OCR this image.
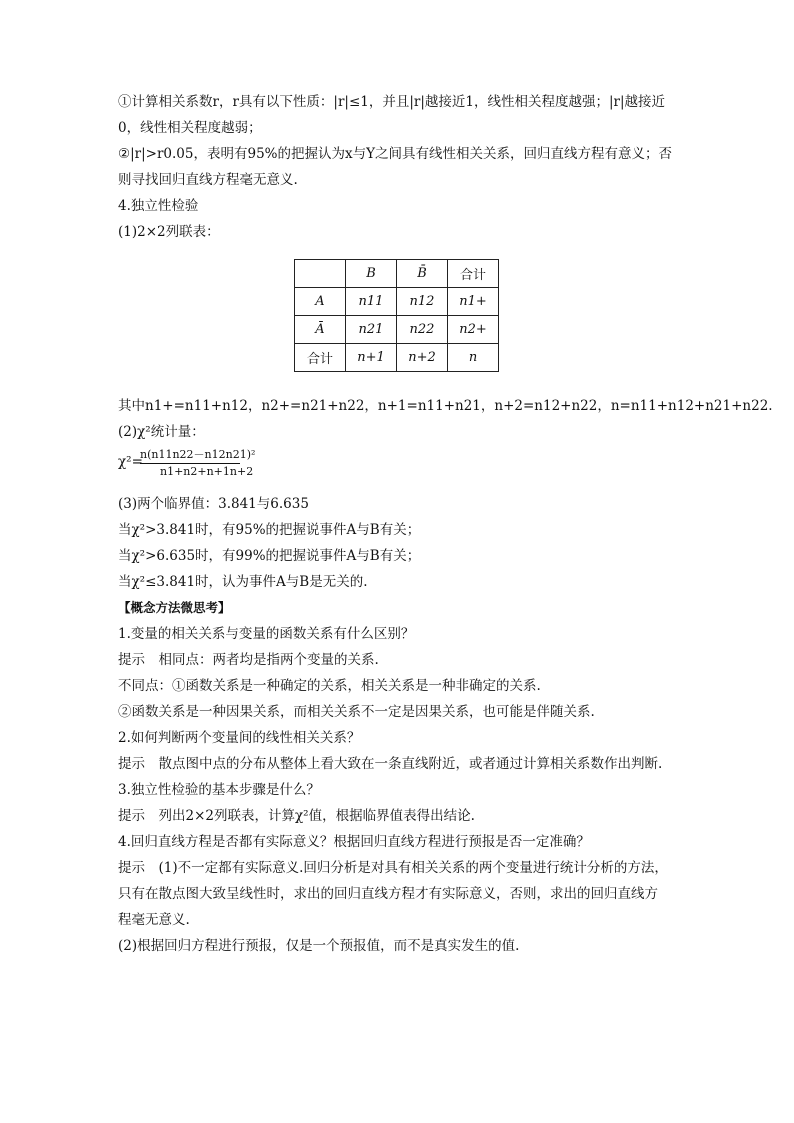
①计算相关系数r，r具有以下性质：|r|≤1，并且|r|越接近1，线性相关程度越强；|r|越接近
0，线性相关程度越弱；
②|r|>r0.05，表明有95%的把握认为x与Y之间具有线性相关关系，回归直线方程有意义；否
则寻找回归直线方程毫无意义.
4.独立性检验
(1)2×2列联表：
	B	B̄	合计
A	n11	n12	n1+
Ā	n21	n22	n2+
合计	n+1	n+2	n
其中n1+=n11+n12，n2+=n21+n22，n+1=n11+n21，n+2=n12+n22，n=n11+n12+n21+n22.
(2)χ²统计量：
χ²=
n(n11n22－n12n21)²
n1+n2+n+1n+2
(3)两个临界值：3.841与6.635
当χ²>3.841时，有95%的把握说事件A与B有关；
当χ²>6.635时，有99%的把握说事件A与B有关；
当χ²≤3.841时，认为事件A与B是无关的.
【概念方法微思考】
1.变量的相关关系与变量的函数关系有什么区别？
提示　相同点：两者均是指两个变量的关系.
不同点：①函数关系是一种确定的关系，相关关系是一种非确定的关系.
②函数关系是一种因果关系，而相关关系不一定是因果关系，也可能是伴随关系.
2.如何判断两个变量间的线性相关关系？
提示　散点图中点的分布从整体上看大致在一条直线附近，或者通过计算相关系数作出判断.
3.独立性检验的基本步骤是什么？
提示　列出2×2列联表，计算χ²值，根据临界值表得出结论.
4.回归直线方程是否都有实际意义？根据回归直线方程进行预报是否一定准确？
提示　(1)不一定都有实际意义.回归分析是对具有相关关系的两个变量进行统计分析的方法，
只有在散点图大致呈线性时，求出的回归直线方程才有实际意义，否则，求出的回归直线方
程毫无意义.
(2)根据回归方程进行预报，仅是一个预报值，而不是真实发生的值.
